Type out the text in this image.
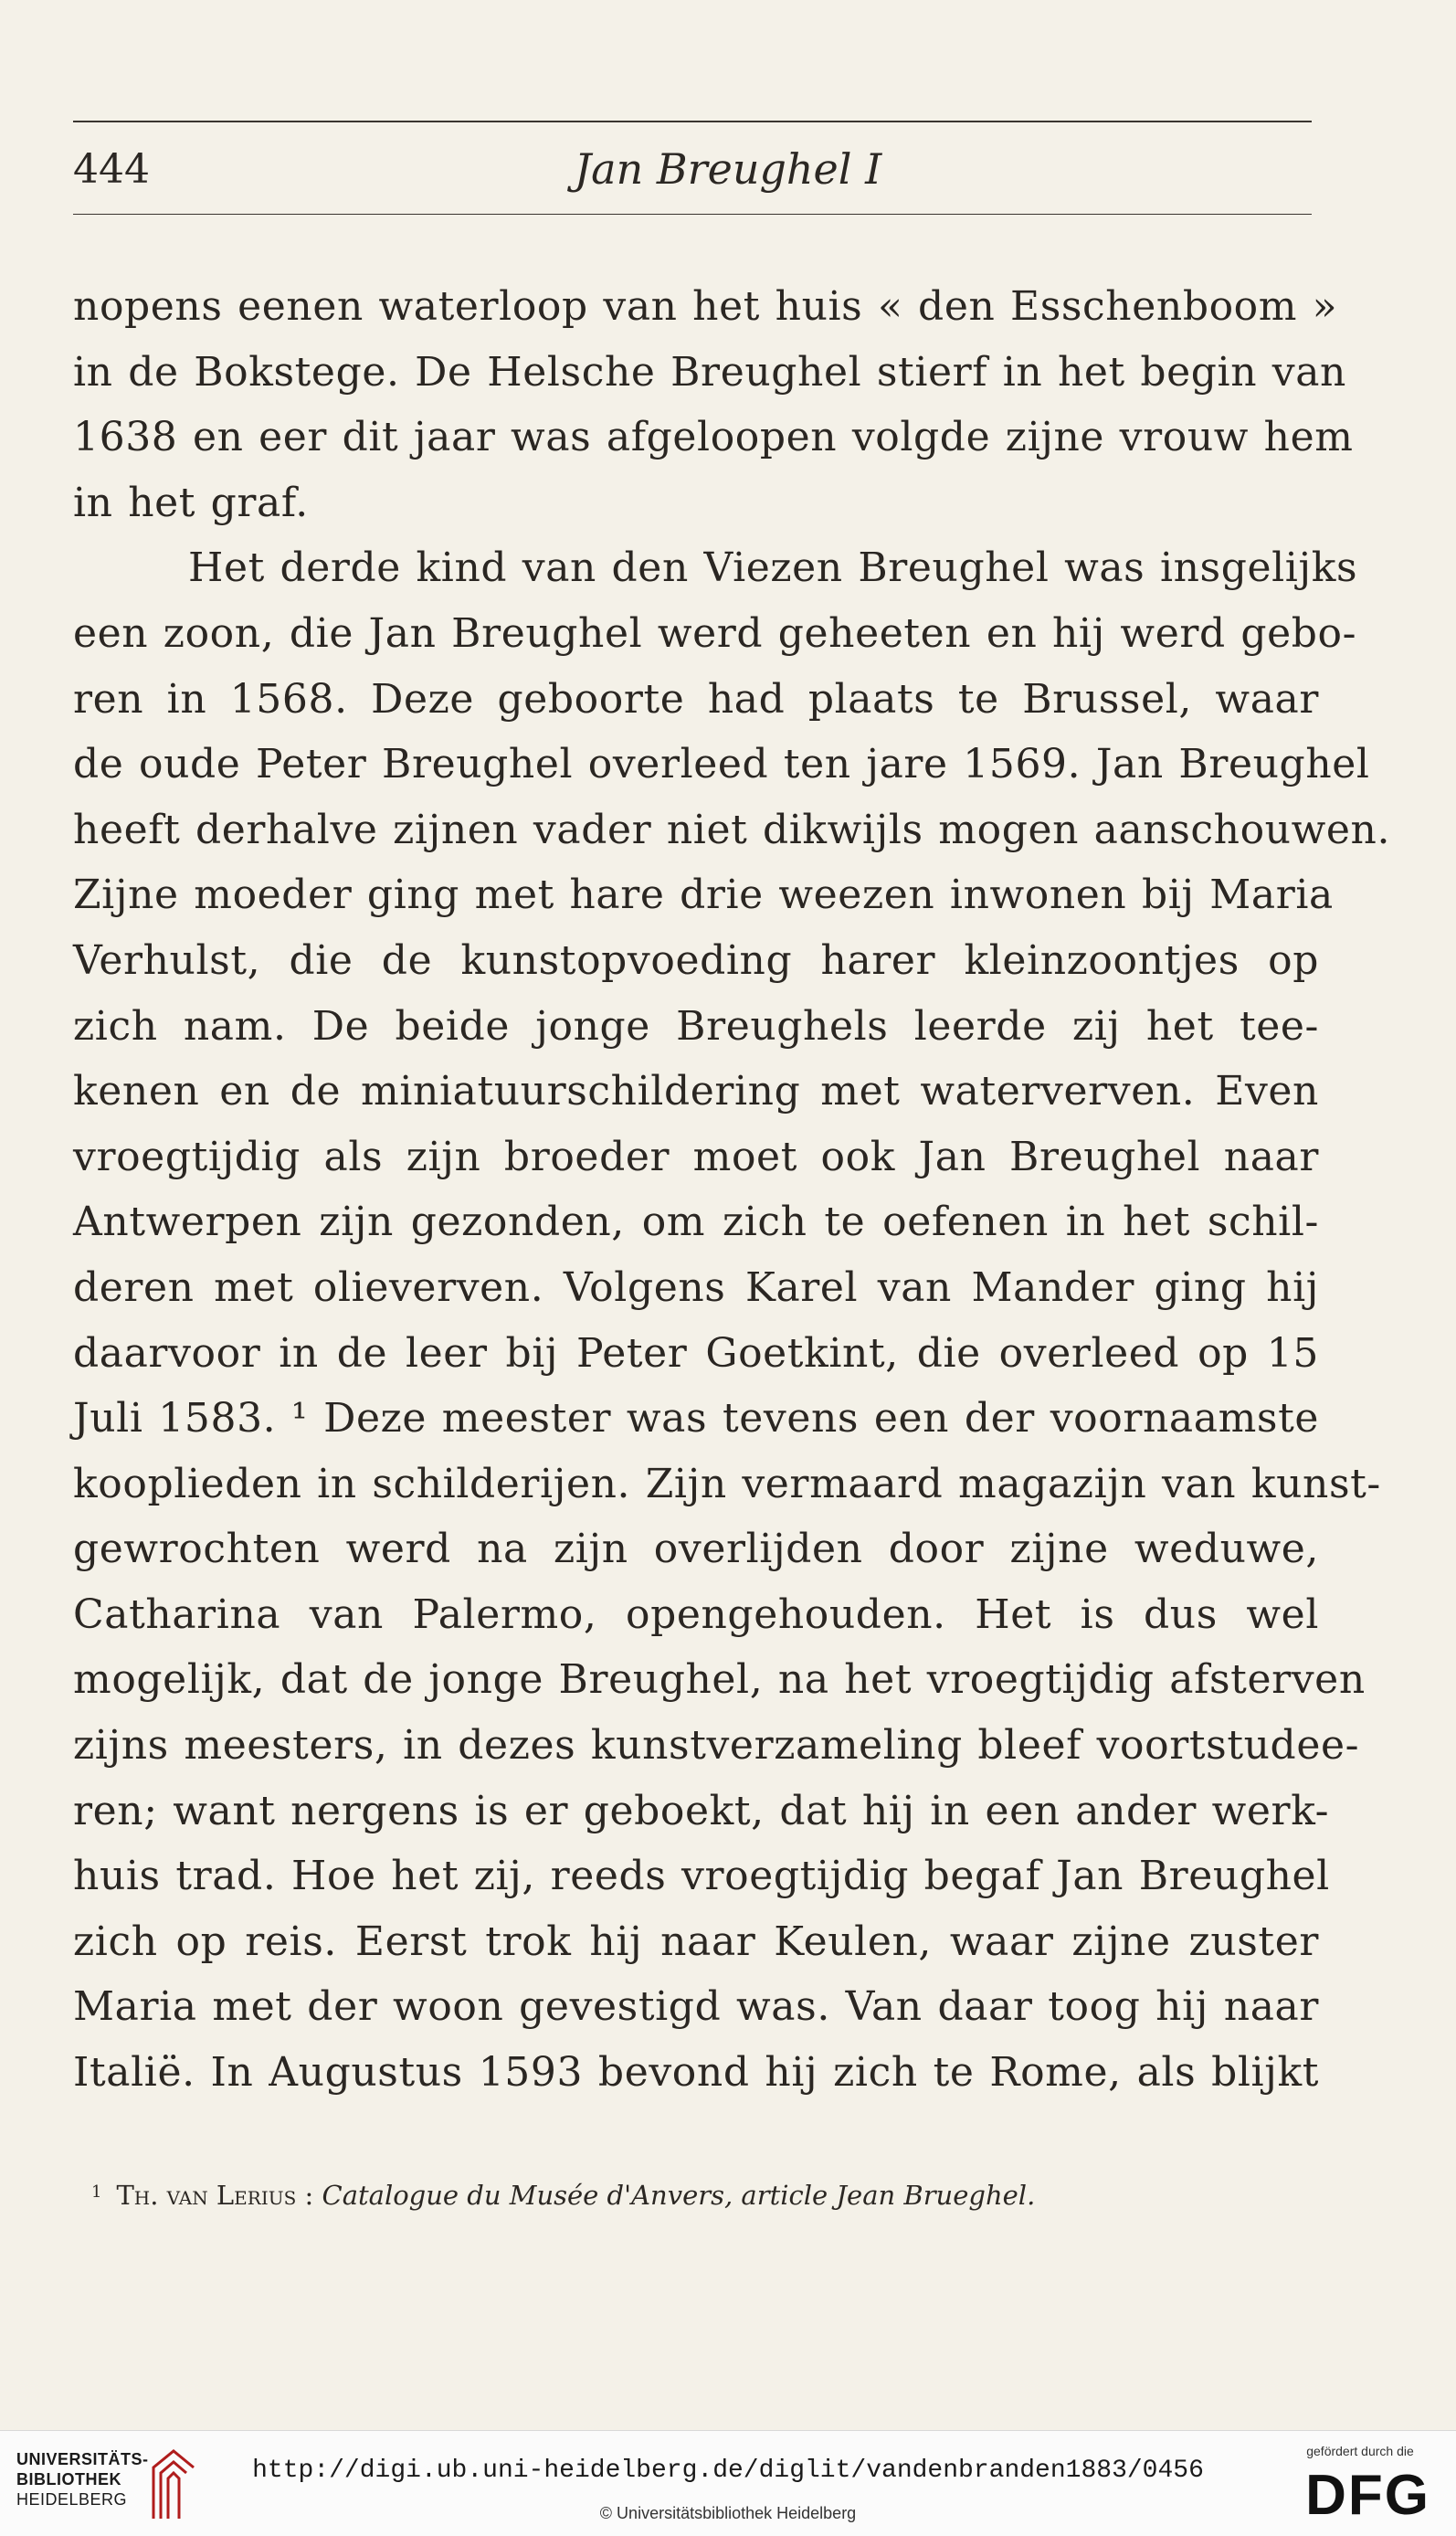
444	Jan Breughel I
nopens eenen waterloop van het huis « den Esschenboom »
in de Bokstege. De Helsche Breughel stierf in het begin van
1638 en eer dit jaar was afgeloopen volgde zijne vrouw hem
in het graf.
Het derde kind van den Viezen Breughel was insgelijks
een zoon, die Jan Breughel werd geheeten en hij werd gebo-
ren in 1568. Deze geboorte had plaats te Brussel, waar
de oude Peter Breughel overleed ten jare 1569. Jan Breughel
heeft derhalve zijnen vader niet dikwijls mogen aanschouwen.
Zijne moeder ging met hare drie weezen inwonen bij Maria
Verhulst, die de kunstopvoeding harer kleinzoontjes op
zich nam. De beide jonge Breughels leerde zij het tee-
kenen en de miniatuurschildering met waterverven. Even
vroegtijdig als zijn broeder moet ook Jan Breughel naar
Antwerpen zijn gezonden, om zich te oefenen in het schil-
deren met olieverven. Volgens Karel van Mander ging hij
daarvoor in de leer bij Peter Goetkint, die overleed op 15
Juli 1583. ¹ Deze meester was tevens een der voornaamste
kooplieden in schilderijen. Zijn vermaard magazijn van kunst-
gewrochten werd na zijn overlijden door zijne weduwe,
Catharina van Palermo, opengehouden. Het is dus wel
mogelijk, dat de jonge Breughel, na het vroegtijdig afsterven
zijns meesters, in dezes kunstverzameling bleef voortstudee-
ren; want nergens is er geboekt, dat hij in een ander werk-
huis trad. Hoe het zij, reeds vroegtijdig begaf Jan Breughel
zich op reis. Eerst trok hij naar Keulen, waar zijne zuster
Maria met der woon gevestigd was. Van daar toog hij naar
Italië. In Augustus 1593 bevond hij zich te Rome, als blijkt
$^1$ Th. van Lerius : Catalogue du Musée d'Anvers, article Jean Brueghel.
UNIVERSITÄTS-
BIBLIOTHEK
HEIDELBERG
http://digi.ub.uni-heidelberg.de/diglit/vandenbranden1883/0456
© Universitätsbibliothek Heidelberg
gefördert durch die
DFG
